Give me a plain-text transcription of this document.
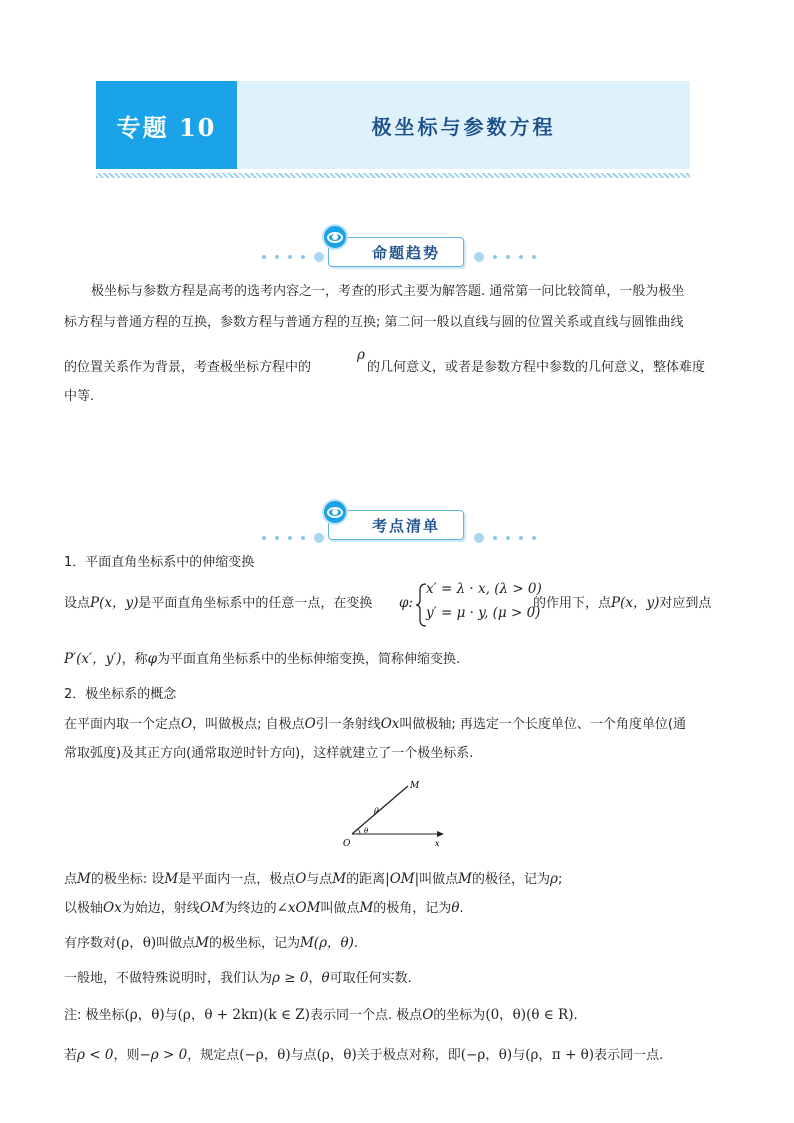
专题 10	极坐标与参数方程
命题趋势
极坐标与参数方程是高考的选考内容之一，考查的形式主要为解答题. 通常第一问比较简单，一般为极坐
标方程与普通方程的互换，参数方程与普通方程的互换; 第二问一般以直线与圆的位置关系或直线与圆锥曲线
的位置关系作为背景，考查极坐标方程中的
ρ
的几何意义，或者是参数方程中参数的几何意义，整体难度
中等.
考点清单
1．平面直角坐标系中的伸缩变换
设点P(x，y)是平面直角坐标系中的任意一点，在变换 φ:
x′ = λ · x, (λ > 0)
y′ = μ · y, (μ > 0)
的作用下，点P(x，y)对应到点
P′(x′，y′)，称φ为平面直角坐标系中的坐标伸缩变换，简称伸缩变换.
2．极坐标系的概念
在平面内取一个定点O，叫做极点; 自极点O引一条射线Ox叫做极轴; 再选定一个长度单位、一个角度单位(通
常取弧度)及其正方向(通常取逆时针方向)，这样就建立了一个极坐标系.
M
ρ
θ
O	x
点M的极坐标: 设M是平面内一点，极点O与点M的距离|OM|叫做点M的极径，记为ρ;
以极轴Ox为始边，射线OM为终边的∠xOM叫做点M的极角，记为θ.
有序数对(ρ，θ)叫做点M的极坐标，记为M(ρ，θ).
一般地，不做特殊说明时，我们认为ρ ≥ 0，θ可取任何实数.
注: 极坐标(ρ，θ)与(ρ，θ + 2kπ)(k ∈ Z)表示同一个点. 极点O的坐标为(0，θ)(θ ∈ R).
若ρ < 0，则−ρ > 0，规定点(−ρ，θ)与点(ρ，θ)关于极点对称，即(−ρ，θ)与(ρ，π + θ)表示同一点.
